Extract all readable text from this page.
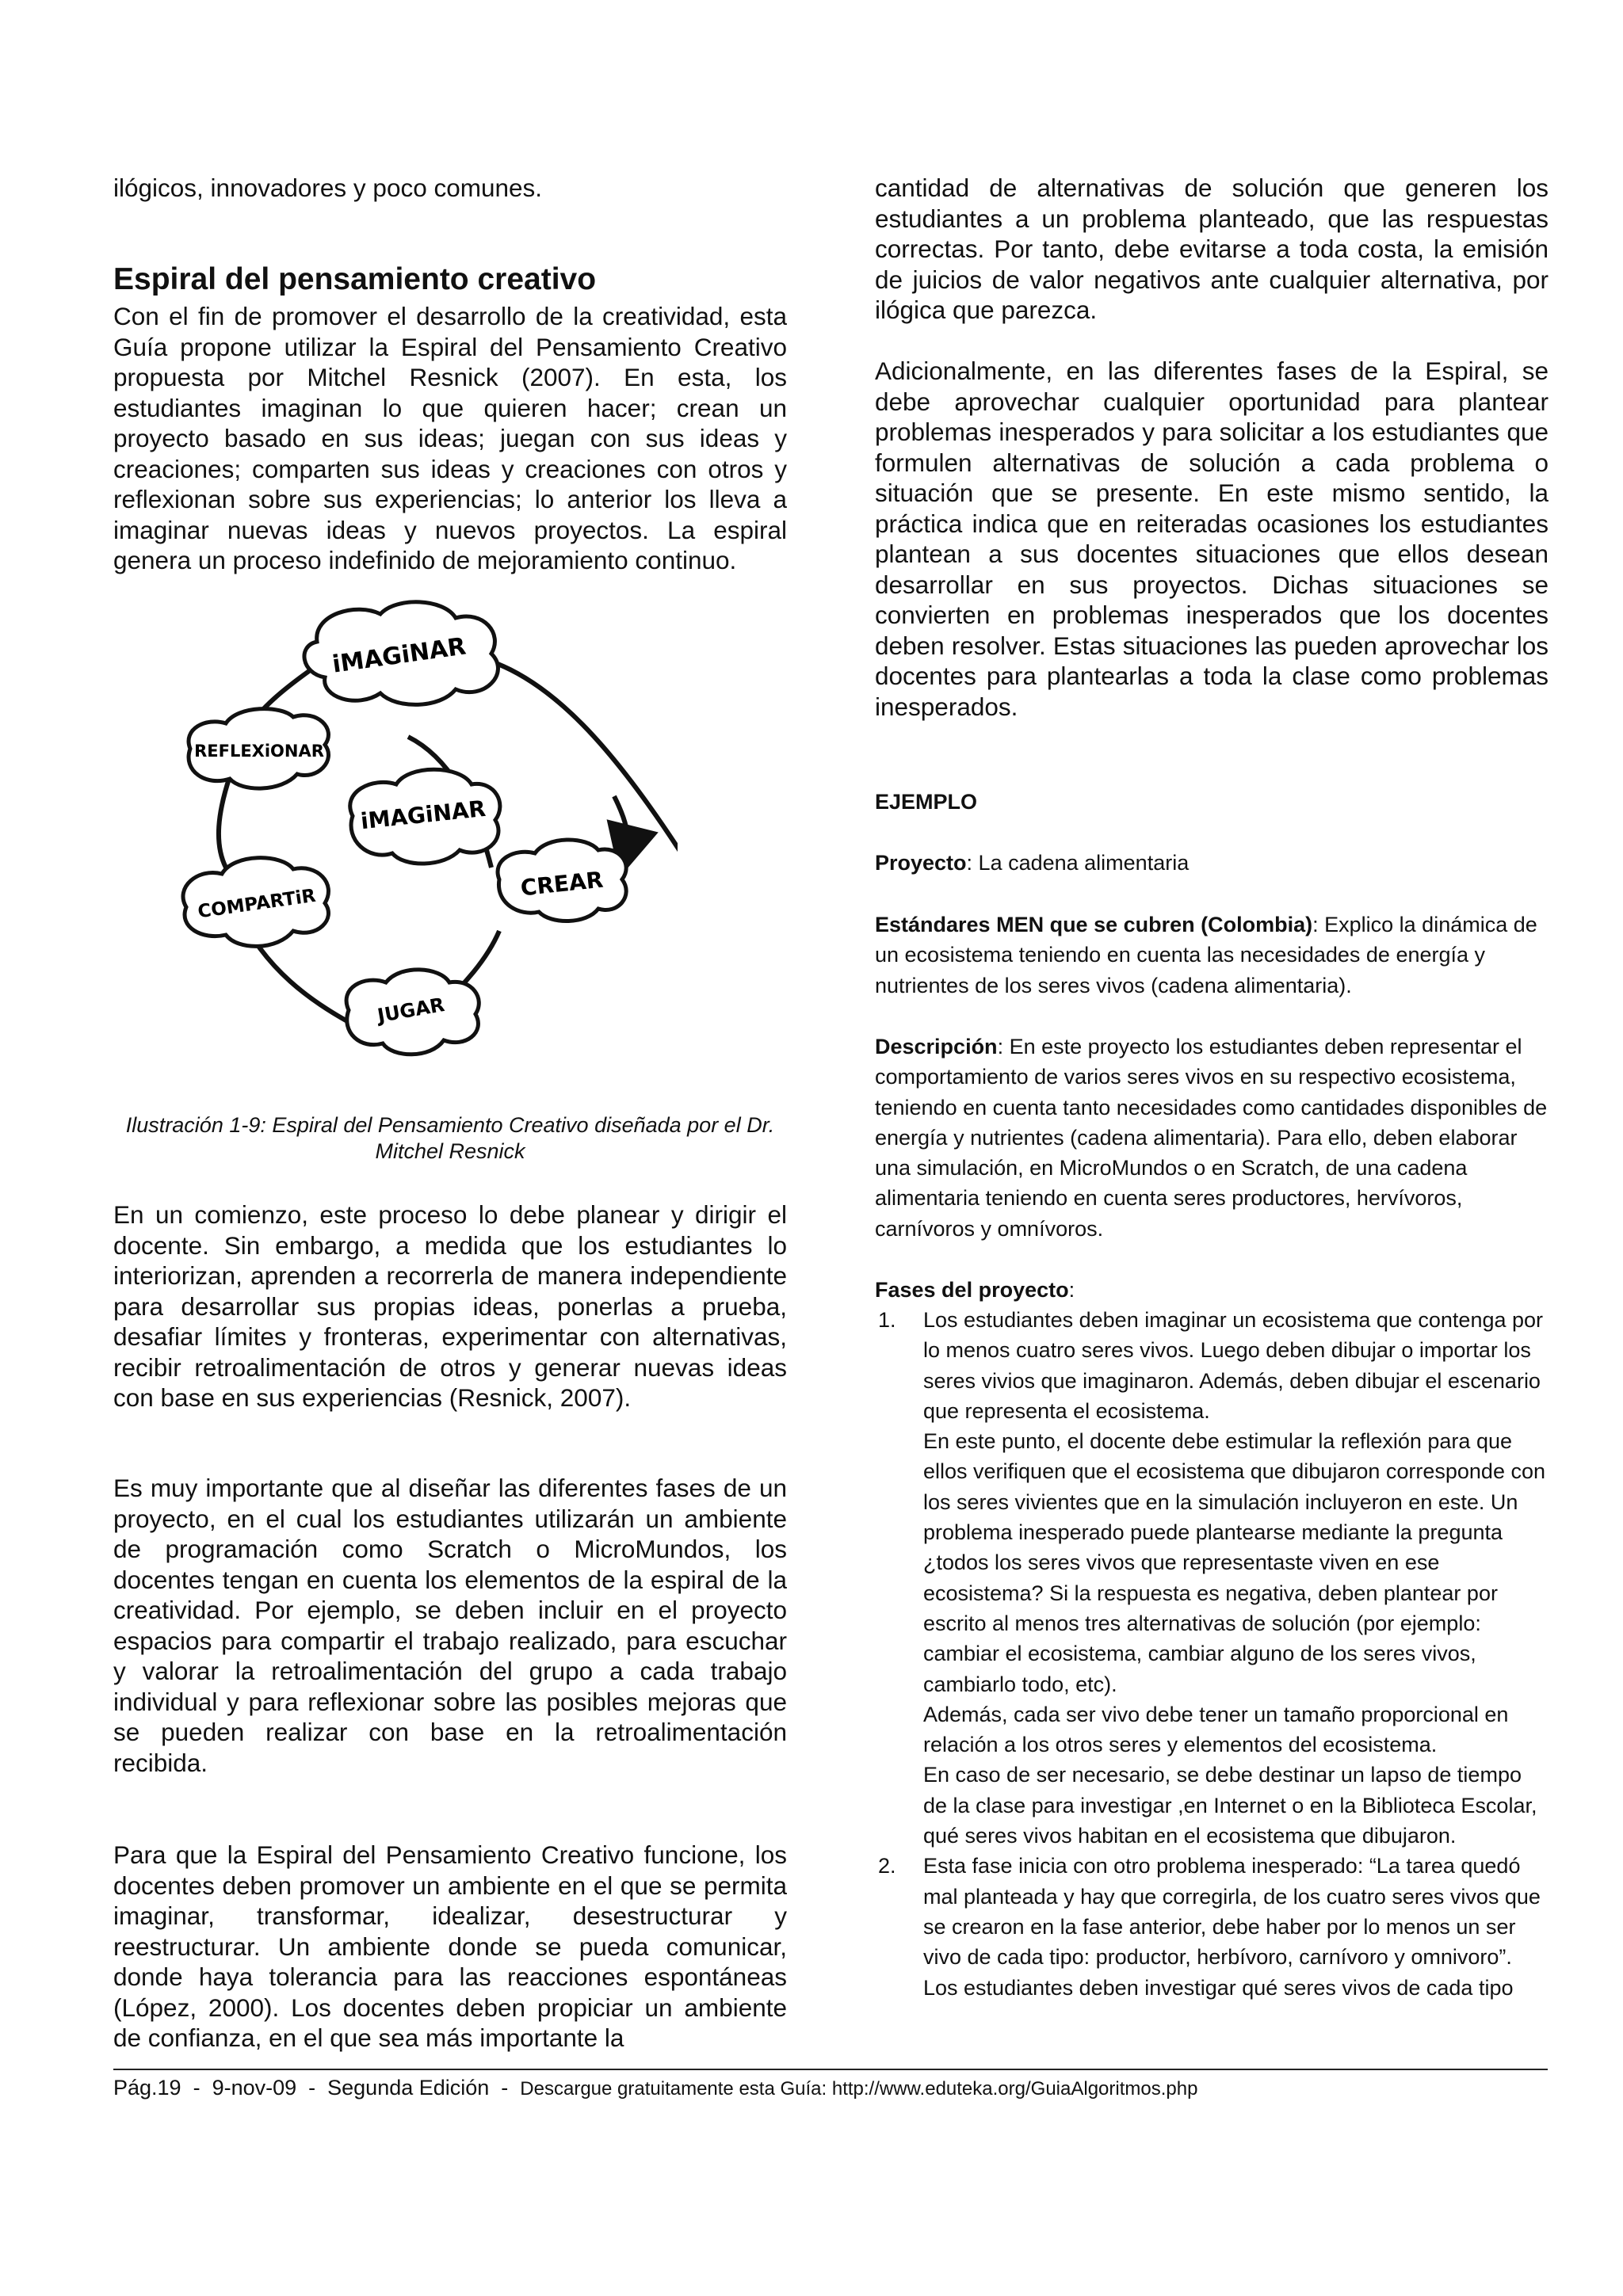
ilógicos, innovadores y poco comunes.

Espiral del pensamiento creativo

Con el fin de promover el desarrollo de la creatividad, esta Guía propone utilizar la Espiral del Pensamiento Creativo propuesta por Mitchel Resnick (2007). En esta, los estudiantes imaginan lo que quieren hacer; crean un proyecto basado en sus ideas; juegan con sus ideas y creaciones; comparten sus ideas y creaciones con otros y reflexionan sobre sus experiencias; lo anterior los lleva a imaginar nuevas ideas y nuevos proyectos. La espiral genera un proceso indefinido de mejoramiento continuo.

Ilustración 1-9: Espiral del Pensamiento Creativo diseñada por el Dr.

Mitchel Resnick

En un comienzo, este proceso lo debe planear y dirigir el docente. Sin embargo, a medida que los estudiantes lo interiorizan, aprenden a recorrerla de manera independiente para desarrollar sus propias ideas, ponerlas a prueba, desafiar límites y fronteras, experimentar con alternativas, recibir retroalimentación de otros y generar nuevas ideas con base en sus experiencias (Resnick, 2007).

Es muy importante que al diseñar las diferentes fases de un proyecto, en el cual los estudiantes utilizarán un ambiente de programación como Scratch o MicroMundos, los docentes tengan en cuenta los elementos de la espiral de la creatividad. Por ejemplo, se deben incluir en el proyecto espacios para compartir el trabajo realizado, para escuchar y valorar la retroalimentación del grupo a cada trabajo individual y para reflexionar sobre las posibles mejoras que se pueden realizar con base en la retroalimentación recibida.

Para que la Espiral del Pensamiento Creativo funcione, los docentes deben promover un ambiente en el que se permita imaginar, transformar, idealizar, desestructurar y reestructurar. Un ambiente donde se pueda comunicar, donde haya tolerancia para las reacciones espontáneas (López, 2000). Los docentes deben propiciar un ambiente de confianza, en el que sea más importante la

iMAGiNAR
REFLEXiONAR
iMAGiNAR
COMPARTiR
CREAR
JUGAR

cantidad de alternativas de solución que generen los estudiantes a un problema planteado, que las respuestas correctas. Por tanto, debe evitarse a toda costa, la emisión de juicios de valor negativos ante cualquier alternativa, por ilógica que parezca.

Adicionalmente, en las diferentes fases de la Espiral, se debe aprovechar cualquier oportunidad para plantear problemas inesperados y para solicitar a los estudiantes que formulen alternativas de solución a cada problema o situación que se presente. En este mismo sentido, la práctica indica que en reiteradas ocasiones los estudiantes plantean a sus docentes situaciones que ellos desean desarrollar en sus proyectos. Dichas situaciones se convierten en problemas inesperados que los docentes deben resolver. Estas situaciones las pueden aprovechar los docentes para plantearlas a toda la clase como problemas inesperados.

EJEMPLO

Proyecto: La cadena alimentaria

Estándares MEN que se cubren (Colombia): Explico la dinámica de un ecosistema teniendo en cuenta las necesidades de energía y nutrientes de los seres vivos (cadena alimentaria).

Descripción: En este proyecto los estudiantes deben representar el comportamiento de varios seres vivos en su respectivo ecosistema, teniendo en cuenta tanto necesidades como cantidades disponibles de energía y nutrientes (cadena alimentaria). Para ello, deben elaborar una simulación, en MicroMundos o en Scratch, de una cadena alimentaria teniendo en cuenta seres productores, hervívoros, carnívoros y omnívoros.

Fases del proyecto:

1. Los estudiantes deben imaginar un ecosistema que contenga por lo menos cuatro seres vivos. Luego deben dibujar o importar los seres vivios que imaginaron. Además, deben dibujar el escenario que representa el ecosistema.
En este punto, el docente debe estimular la reflexión para que ellos verifiquen que el ecosistema que dibujaron corresponde con los seres vivientes que en la simulación incluyeron en este. Un problema inesperado puede plantearse mediante la pregunta ¿todos los seres vivos que representaste viven en ese ecosistema? Si la respuesta es negativa, deben plantear por escrito al menos tres alternativas de solución (por ejemplo: cambiar el ecosistema, cambiar alguno de los seres vivos, cambiarlo todo, etc).
Además, cada ser vivo debe tener un tamaño proporcional en relación a los otros seres y elementos del ecosistema.
En caso de ser necesario, se debe destinar un lapso de tiempo de la clase para investigar ,en Internet o en la Biblioteca Escolar, qué seres vivos habitan en el ecosistema que dibujaron.
2. Esta fase inicia con otro problema inesperado: “La tarea quedó mal planteada y hay que corregirla, de los cuatro seres vivos que se crearon en la fase anterior, debe haber por lo menos un ser vivo de cada tipo: productor, herbívoro, carnívoro y omnivoro”.
Los estudiantes deben investigar qué seres vivos de cada tipo
Pág.19  -  9-nov-09  -  Segunda Edición  -  Descargue gratuitamente esta Guía: http://www.eduteka.org/GuiaAlgoritmos.php
